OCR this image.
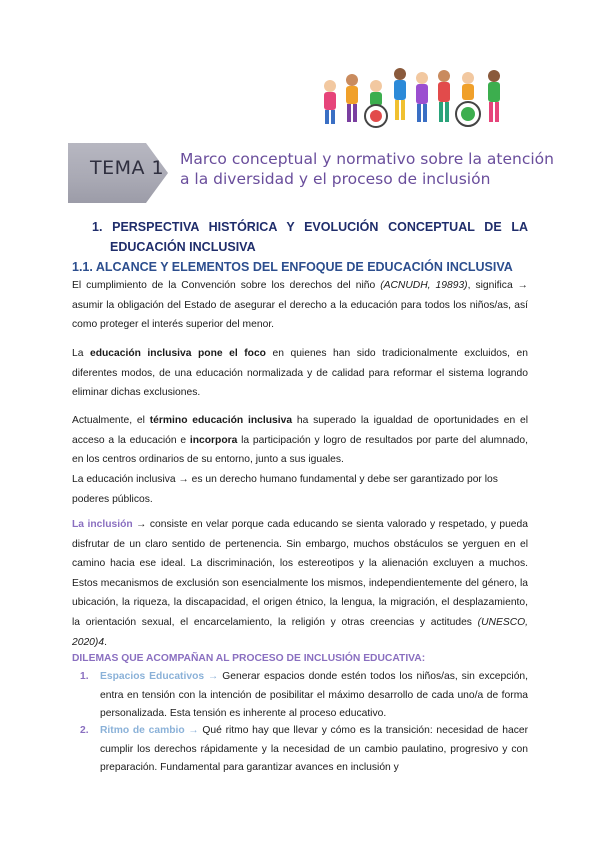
TEMA 1 Marco conceptual y normativo sobre la atención
a la diversidad y el proceso de inclusión
1. PERSPECTIVA HISTÓRICA Y EVOLUCIÓN CONCEPTUAL DE LA
EDUCACIÓN INCLUSIVA
1.1. ALCANCE Y ELEMENTOS DEL ENFOQUE DE EDUCACIÓN INCLUSIVA
El cumplimiento de la Convención sobre los derechos del niño (ACNUDH, 19893), significa → asumir la obligación del Estado de asegurar el derecho a la educación para todos los niños/as, así como proteger el interés superior del menor.
La educación inclusiva pone el foco en quienes han sido tradicionalmente excluidos, en diferentes modos, de una educación normalizada y de calidad para reformar el sistema logrando eliminar dichas exclusiones.
Actualmente, el término educación inclusiva ha superado la igualdad de oportunidades en el acceso a la educación e incorpora la participación y logro de resultados por parte del alumnado, en los centros ordinarios de su entorno, junto a sus iguales.
La educación inclusiva → es un derecho humano fundamental y debe ser garantizado por los poderes públicos.
La inclusión → consiste en velar porque cada educando se sienta valorado y respetado, y pueda disfrutar de un claro sentido de pertenencia. Sin embargo, muchos obstáculos se yerguen en el camino hacia ese ideal. La discriminación, los estereotipos y la alienación excluyen a muchos. Estos mecanismos de exclusión son esencialmente los mismos, independientemente del género, la ubicación, la riqueza, la discapacidad, el origen étnico, la lengua, la migración, el desplazamiento, la orientación sexual, el encarcelamiento, la religión y otras creencias y actitudes (UNESCO, 2020)4.
DILEMAS QUE ACOMPAÑAN AL PROCESO DE INCLUSIÓN EDUCATIVA:
1. Espacios Educativos → Generar espacios donde estén todos los niños/as, sin excepción, entra en tensión con la intención de posibilitar el máximo desarrollo de cada uno/a de forma personalizada. Esta tensión es inherente al proceso educativo.
2. Ritmo de cambio → Qué ritmo hay que llevar y cómo es la transición: necesidad de hacer cumplir los derechos rápidamente y la necesidad de un cambio paulatino, progresivo y con preparación. Fundamental para garantizar avances en inclusión y
